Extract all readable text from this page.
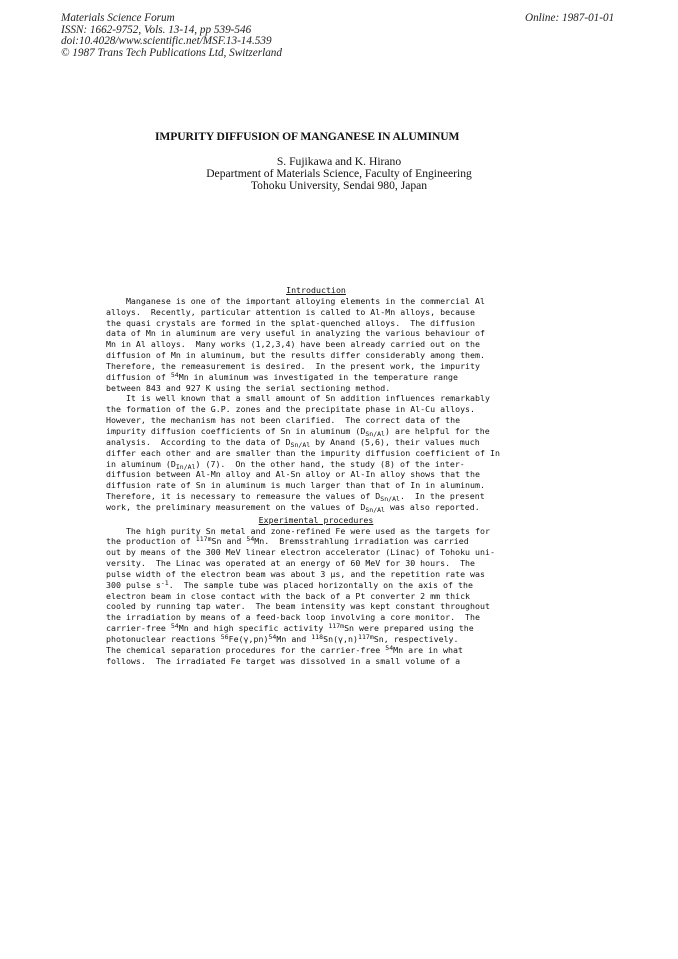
Materials Science Forum
ISSN: 1662-9752, Vols. 13-14, pp 539-546
doi:10.4028/www.scientific.net/MSF.13-14.539
© 1987 Trans Tech Publications Ltd, Switzerland
Online: 1987-01-01
IMPURITY DIFFUSION OF MANGANESE IN ALUMINUM
S. Fujikawa and K. Hirano
Department of Materials Science, Faculty of Engineering
Tohoku University, Sendai 980, Japan
Introduction
Manganese is one of the important alloying elements in the commercial Al
alloys.  Recently, particular attention is called to Al-Mn alloys, because
the quasi crystals are formed in the splat-quenched alloys.  The diffusion
data of Mn in aluminum are very useful in analyzing the various behaviour of
Mn in Al alloys.  Many works (1,2,3,4) have been already carried out on the
diffusion of Mn in aluminum, but the results differ considerably among them.
Therefore, the remeasurement is desired.  In the present work, the impurity
diffusion of $^{54}$Mn in aluminum was investigated in the temperature range
between 843 and 927 K using the serial sectioning method.
It is well known that a small amount of Sn addition influences remarkably
the formation of the G.P. zones and the precipitate phase in Al-Cu alloys.
However, the mechanism has not been clarified.  The correct data of the
impurity diffusion coefficients of Sn in aluminum $(D_{Sn/Al})$ are helpful for the
analysis.  According to the data of $D_{Sn/Al}$ by Anand (5,6), their values much
differ each other and are smaller than the impurity diffusion coefficient of In
in aluminum $(D_{In/Al})$ (7).  On the other hand, the study (8) of the inter-
diffusion between Al-Mn alloy and Al-Sn alloy or Al-In alloy shows that the
diffusion rate of Sn in aluminum is much larger than that of In in aluminum.
Therefore, it is necessary to remeasure the values of $D_{Sn/Al}$.  In the present
work, the preliminary measurement on the values of $D_{Sn/Al}$ was also reported.
Experimental procedures
The high purity Sn metal and zone-refined Fe were used as the targets for
the production of $^{117m}$Sn and $^{54}$Mn.  Bremsstrahlung irradiation was carried
out by means of the 300 MeV linear electron accelerator (Linac) of Tohoku uni-
versity.  The Linac was operated at an energy of 60 MeV for 30 hours.  The
pulse width of the electron beam was about 3 µs, and the repetition rate was
300 pulse $s^{-1}$.  The sample tube was placed horizontally on the axis of the
electron beam in close contact with the back of a Pt converter 2 mm thick
cooled by running tap water.  The beam intensity was kept constant throughout
the irradiation by means of a feed-back loop involving a core monitor.  The
carrier-free $^{54}$Mn and high specific activity $^{117m}$Sn were prepared using the
photonuclear reactions $^{56}Fe(\gamma,pn)^{54}Mn$ and $^{118}Sn(\gamma,n)^{117m}Sn$, respectively.
The chemical separation procedures for the carrier-free $^{54}$Mn are in what
follows.  The irradiated Fe target was dissolved in a small volume of a
